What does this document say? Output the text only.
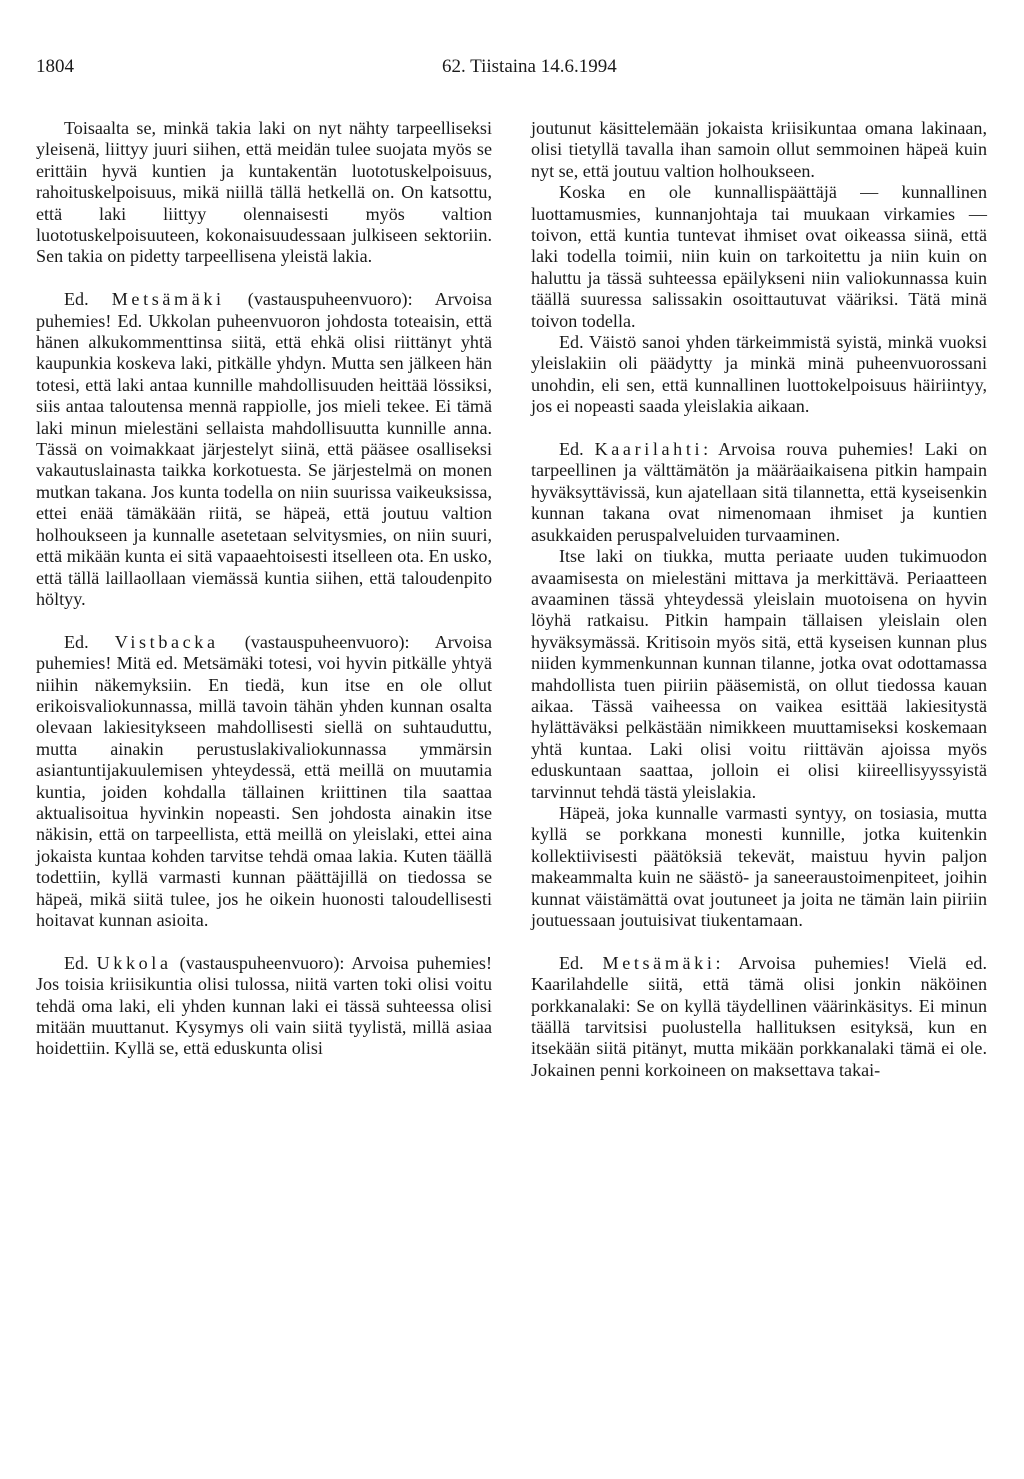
1804	62. Tiistaina 14.6.1994

Toisaalta se, minkä takia laki on nyt nähty tarpeelliseksi yleisenä, liittyy juuri siihen, että meidän tulee suojata myös se erittäin hyvä kuntien ja kuntakentän luototuskelpoisuus, rahoituskelpoisuus, mikä niillä tällä hetkellä on. On katsottu, että laki liittyy olennaisesti myös valtion luototuskelpoisuuteen, kokonaisuudessaan julkiseen sektoriin. Sen takia on pidetty tarpeellisena yleistä lakia.

Ed. Metsämäki (vastauspuheenvuoro): Arvoisa puhemies! Ed. Ukkolan puheenvuoron johdosta toteaisin, että hänen alkukommenttinsa siitä, että ehkä olisi riittänyt yhtä kaupunkia koskeva laki, pitkälle yhdyn. Mutta sen jälkeen hän totesi, että laki antaa kunnille mahdollisuuden heittää lössiksi, siis antaa taloutensa mennä rappiolle, jos mieli tekee. Ei tämä laki minun mielestäni sellaista mahdollisuutta kunnille anna. Tässä on voimakkaat järjestelyt siinä, että pääsee osalliseksi vakautuslainasta taikka korkotuesta. Se järjestelmä on monen mutkan takana. Jos kunta todella on niin suurissa vaikeuksissa, ettei enää tämäkään riitä, se häpeä, että joutuu valtion holhoukseen ja kunnalle asetetaan selvitysmies, on niin suuri, että mikään kunta ei sitä vapaaehtoisesti itselleen ota. En usko, että tällä laillaollaan viemässä kuntia siihen, että taloudenpito höltyy.

Ed. Vistbacka (vastauspuheenvuoro): Arvoisa puhemies! Mitä ed. Metsämäki totesi, voi hyvin pitkälle yhtyä niihin näkemyksiin. En tiedä, kun itse en ole ollut erikoisvaliokunnassa, millä tavoin tähän yhden kunnan osalta olevaan lakiesitykseen mahdollisesti siellä on suhtauduttu, mutta ainakin perustuslakivaliokunnassa ymmärsin asiantuntijakuulemisen yhteydessä, että meillä on muutamia kuntia, joiden kohdalla tällainen kriittinen tila saattaa aktualisoitua hyvinkin nopeasti. Sen johdosta ainakin itse näkisin, että on tarpeellista, että meillä on yleislaki, ettei aina jokaista kuntaa kohden tarvitse tehdä omaa lakia. Kuten täällä todettiin, kyllä varmasti kunnan päättäjillä on tiedossa se häpeä, mikä siitä tulee, jos he oikein huonosti taloudellisesti hoitavat kunnan asioita.

Ed. Ukkola (vastauspuheenvuoro): Arvoisa puhemies! Jos toisia kriisikuntia olisi tulossa, niitä varten toki olisi voitu tehdä oma laki, eli yhden kunnan laki ei tässä suhteessa olisi mitään muuttanut. Kysymys oli vain siitä tyylistä, millä asiaa hoidettiin. Kyllä se, että eduskunta olisi

joutunut käsittelemään jokaista kriisikuntaa omana lakinaan, olisi tietyllä tavalla ihan samoin ollut semmoinen häpeä kuin nyt se, että joutuu valtion holhoukseen.

Koska en ole kunnallispäättäjä — kunnallinen luottamusmies, kunnanjohtaja tai muukaan virkamies — toivon, että kuntia tuntevat ihmiset ovat oikeassa siinä, että laki todella toimii, niin kuin on tarkoitettu ja niin kuin on haluttu ja tässä suhteessa epäilykseni niin valiokunnassa kuin täällä suuressa salissakin osoittautuvat vääriksi. Tätä minä toivon todella.

Ed. Väistö sanoi yhden tärkeimmistä syistä, minkä vuoksi yleislakiin oli päädytty ja minkä minä puheenvuorossani unohdin, eli sen, että kunnallinen luottokelpoisuus häiriintyy, jos ei nopeasti saada yleislakia aikaan.

Ed. Kaarilahti: Arvoisa rouva puhemies! Laki on tarpeellinen ja välttämätön ja määräaikaisena pitkin hampain hyväksyttävissä, kun ajatellaan sitä tilannetta, että kyseisenkin kunnan takana ovat nimenomaan ihmiset ja kuntien asukkaiden peruspalveluiden turvaaminen.

Itse laki on tiukka, mutta periaate uuden tukimuodon avaamisesta on mielestäni mittava ja merkittävä. Periaatteen avaaminen tässä yhteydessä yleislain muotoisena on hyvin löyhä ratkaisu. Pitkin hampain tällaisen yleislain olen hyväksymässä. Kritisoin myös sitä, että kyseisen kunnan plus niiden kymmenkunnan kunnan tilanne, jotka ovat odottamassa mahdollista tuen piiriin pääsemistä, on ollut tiedossa kauan aikaa. Tässä vaiheessa on vaikea esittää lakiesitystä hylättäväksi pelkästään nimikkeen muuttamiseksi koskemaan yhtä kuntaa. Laki olisi voitu riittävän ajoissa myös eduskuntaan saattaa, jolloin ei olisi kiireellisyyssyistä tarvinnut tehdä tästä yleislakia.

Häpeä, joka kunnalle varmasti syntyy, on tosiasia, mutta kyllä se porkkana monesti kunnille, jotka kuitenkin kollektiivisesti päätöksiä tekevät, maistuu hyvin paljon makeammalta kuin ne säästö- ja saneeraustoimenpiteet, joihin kunnat väistämättä ovat joutuneet ja joita ne tämän lain piiriin joutuessaan joutuisivat tiukentamaan.

Ed. Metsämäki: Arvoisa puhemies! Vielä ed. Kaarilahdelle siitä, että tämä olisi jonkin näköinen porkkanalaki: Se on kyllä täydellinen väärinkäsitys. Ei minun täällä tarvitsisi puolustella hallituksen esityksä, kun en itsekään siitä pitänyt, mutta mikään porkkanalaki tämä ei ole. Jokainen penni korkoineen on maksettava takai-
